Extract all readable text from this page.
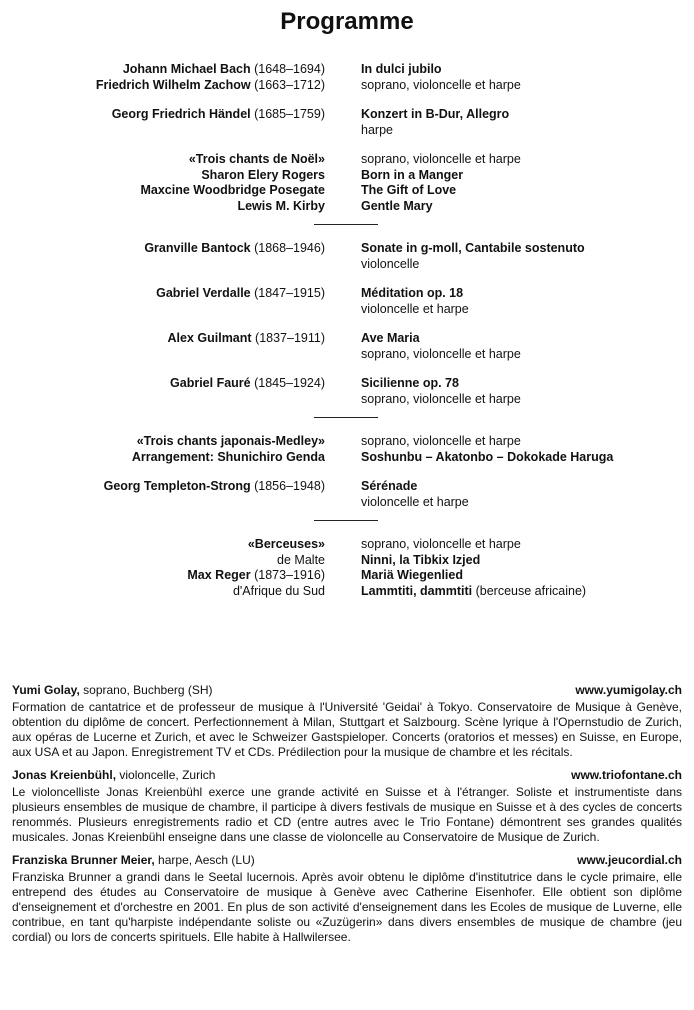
Programme
Johann Michael Bach (1648–1694)	In dulci jubilo
Friedrich Wilhelm Zachow (1663–1712)	soprano, violoncelle et harpe
Georg Friedrich Händel (1685–1759)	Konzert in B-Dur, Allegro
harpe
«Trois chants de Noël»	soprano, violoncelle et harpe
Sharon Elery Rogers	Born in a Manger
Maxcine Woodbridge Posegate	The Gift of Love
Lewis M. Kirby	Gentle Mary
Granville Bantock (1868–1946)	Sonate in g-moll, Cantabile sostenuto
violoncelle
Gabriel Verdalle (1847–1915)	Méditation op. 18
violoncelle et harpe
Alex Guilmant (1837–1911)	Ave Maria
soprano, violoncelle et harpe
Gabriel Fauré (1845–1924)	Sicilienne op. 78
soprano, violoncelle et harpe
«Trois chants japonais-Medley»	soprano, violoncelle et harpe
Arrangement: Shunichiro Genda	Soshunbu – Akatonbo – Dokokade Haruga
Georg Templeton-Strong (1856–1948)	Sérénade
violoncelle et harpe
«Berceuses»	soprano, violoncelle et harpe
de Malte	Ninni, la Tibkix Izjed
Max Reger (1873–1916)	Mariä Wiegenlied
d'Afrique du Sud	Lammtiti, dammtiti (berceuse africaine)
Yumi Golay, soprano, Buchberg (SH)	www.yumigolay.ch

Formation de cantatrice et de professeur de musique à l'Université 'Geidai' à Tokyo. Conservatoire de Musique à Genève, obtention du diplôme de concert. Perfectionnement à Milan, Stuttgart et Salzbourg. Scène lyrique à l'Opernstudio de Zurich, aux opéras de Lucerne et Zurich, et avec le Schweizer Gastspieloper. Concerts (oratorios et messes) en Suisse, en Europe, aux USA et au Japon. Enregistrement TV et CDs. Prédilection pour la musique de chambre et les récitals.

Jonas Kreienbühl, violoncelle, Zurich	www.triofontane.ch

Le violoncelliste Jonas Kreienbühl exerce une grande activité en Suisse et à l'étranger. Soliste et instrumentiste dans plusieurs ensembles de musique de chambre, il participe à divers festivals de musique en Suisse et à des cycles de concerts renommés. Plusieurs enregistrements radio et CD (entre autres avec le Trio Fontane) démontrent ses grandes qualités musicales. Jonas Kreienbühl enseigne dans une classe de violoncelle au Conservatoire de Musique de Zurich.

Franziska Brunner Meier, harpe, Aesch (LU)	www.jeucordial.ch

Franziska Brunner a grandi dans le Seetal lucernois. Après avoir obtenu le diplôme d'institutrice dans le cycle primaire, elle entrepend des études au Conservatoire de musique à Genève avec Catherine Eisenhofer. Elle obtient son diplôme d'enseignement et d'orchestre en 2001. En plus de son activité d'enseignement dans les Ecoles de musique de Luverne, elle contribue, en tant qu'harpiste indépendante soliste ou «Zuzügerin» dans divers ensembles de musique de chambre (jeu cordial) ou lors de concerts spirituels. Elle habite à Hallwilersee.
